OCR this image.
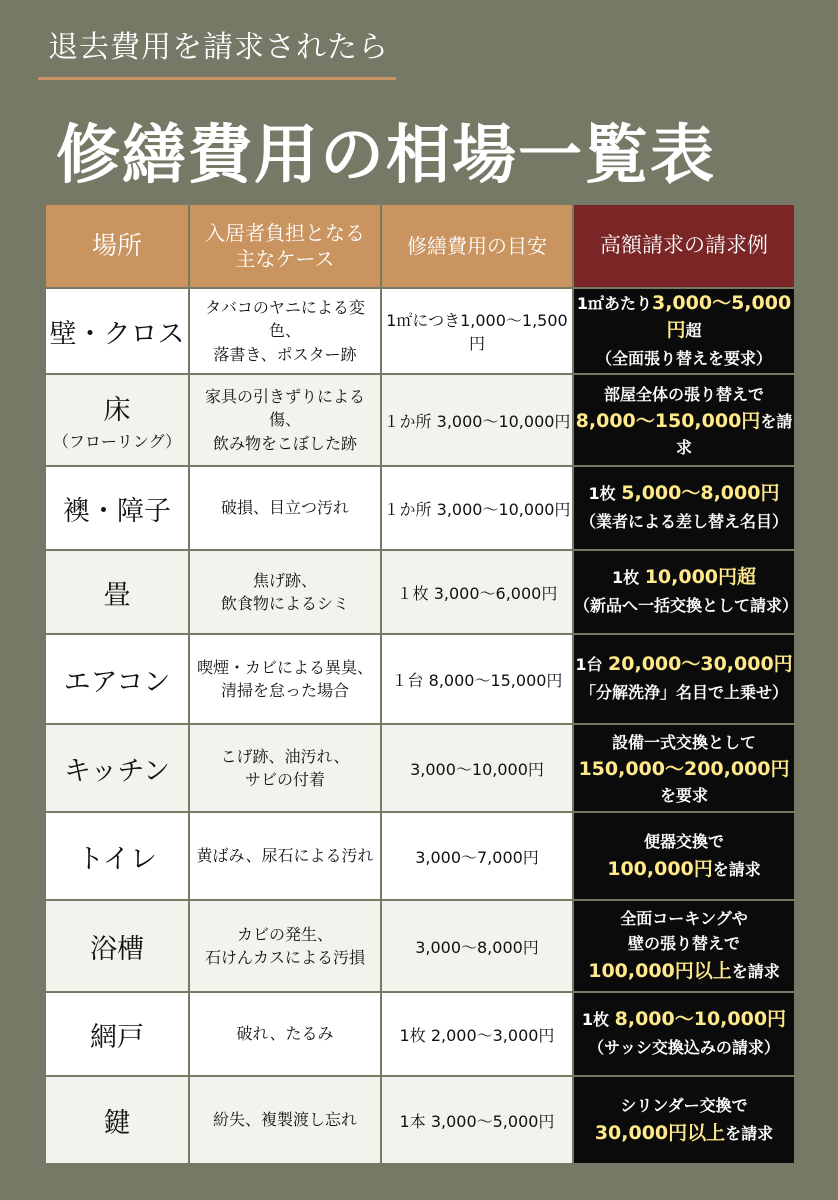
退去費用を請求されたら
修繕費用の相場一覧表
場所	入居者負担となる
主なケース	修繕費用の目安	高額請求の請求例
壁・クロス	タバコのヤニによる変色、
落書き、ポスター跡	1㎡につき1,000～1,500円	1㎡あたり3,000～5,000円超
（全面張り替えを要求）

床
（フローリング）	家具の引きずりによる傷、
飲み物をこぼした跡	１か所 3,000～10,000円	部屋全体の張り替えで
8,000～150,000円を請求

襖・障子	破損、目立つ汚れ	１か所 3,000～10,000円	1枚 5,000～8,000円
（業者による差し替え名目）

畳	焦げ跡、
飲食物によるシミ	１枚 3,000～6,000円	1枚 10,000円超
（新品へ一括交換として請求）

エアコン	喫煙・カビによる異臭、
清掃を怠った場合	１台 8,000～15,000円	1台 20,000～30,000円
「分解洗浄」名目で上乗せ）

キッチン	こげ跡、油汚れ、
サビの付着	3,000～10,000円	設備一式交換として
150,000～200,000円を要求

トイレ	黄ばみ、尿石による汚れ	3,000～7,000円	便器交換で
100,000円を請求

浴槽	カビの発生、
石けんカスによる汚損	3,000～8,000円	全面コーキングや
壁の張り替えで
100,000円以上を請求

網戸	破れ、たるみ	1枚 2,000～3,000円	1枚 8,000～10,000円
（サッシ交換込みの請求）

鍵	紛失、複製渡し忘れ	1本 3,000～5,000円	シリンダー交換で
30,000円以上を請求
